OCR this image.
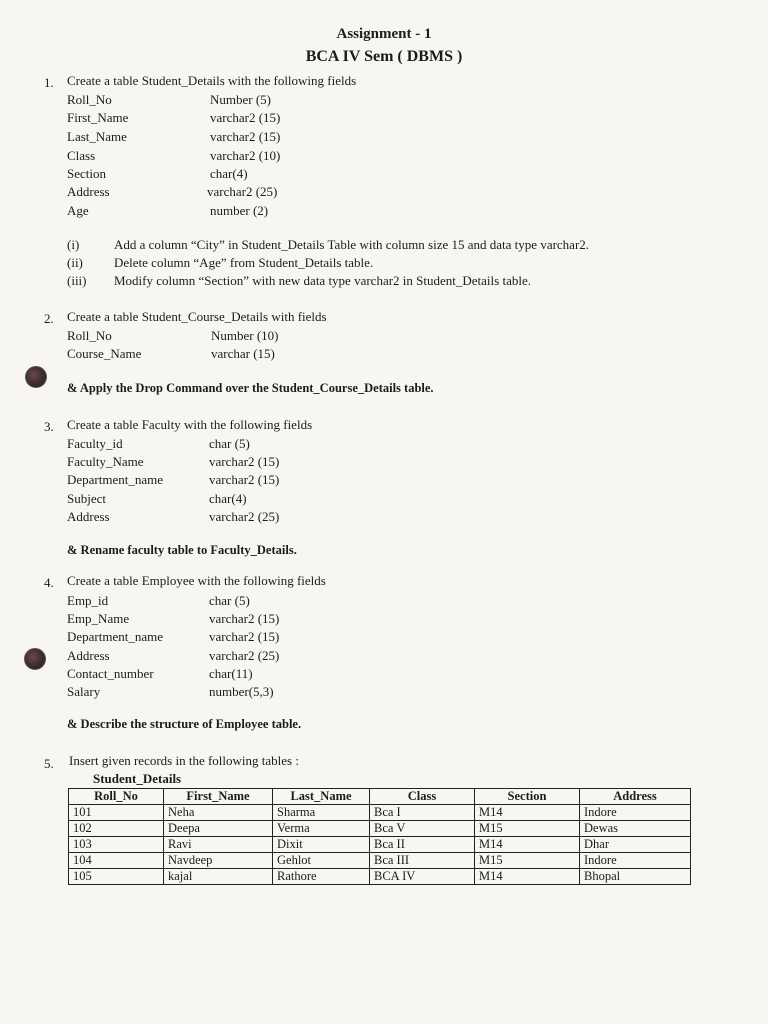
Assignment - 1
BCA IV Sem ( DBMS )
1. Create a table Student_Details with the following fields
Roll_No	Number (5)
First_Name	varchar2 (15)
Last_Name	varchar2 (15)
Class	varchar2 (10)
Section	char(4)
Address	varchar2 (25)
Age	number (2)
(i)	Add a column “City” in Student_Details Table with column size 15 and data type varchar2.
(ii) Delete column “Age” from Student_Details table.
(iii) Modify column “Section” with new data type varchar2 in Student_Details table.
2. Create a table Student_Course_Details with fields
Roll_No	Number (10)
Course_Name	varchar (15)
& Apply the Drop Command over the Student_Course_Details table.
3. Create a table Faculty with the following fields
Faculty_id	char (5)
Faculty_Name	varchar2 (15)
Department_name	varchar2 (15)
Subject	char(4)
Address	varchar2 (25)
& Rename faculty table to Faculty_Details.
4. Create a table Employee with the following fields
Emp_id	char (5)
Emp_Name	varchar2 (15)
Department_name	varchar2 (15)
Address	varchar2 (25)
Contact_number	char(11)
Salary	number(5,3)
& Describe the structure of Employee table.
5. Insert given records in the following tables :
Student_Details
Roll_No	First_Name	Last_Name	Class	Section	Address
101	Neha	Sharma	Bca I	M14	Indore
102	Deepa	Verma	Bca V	M15	Dewas
103	Ravi	Dixit	Bca II	M14	Dhar
104	Navdeep	Gehlot	Bca III	M15	Indore
105	kajal	Rathore	BCA IV	M14	Bhopal
